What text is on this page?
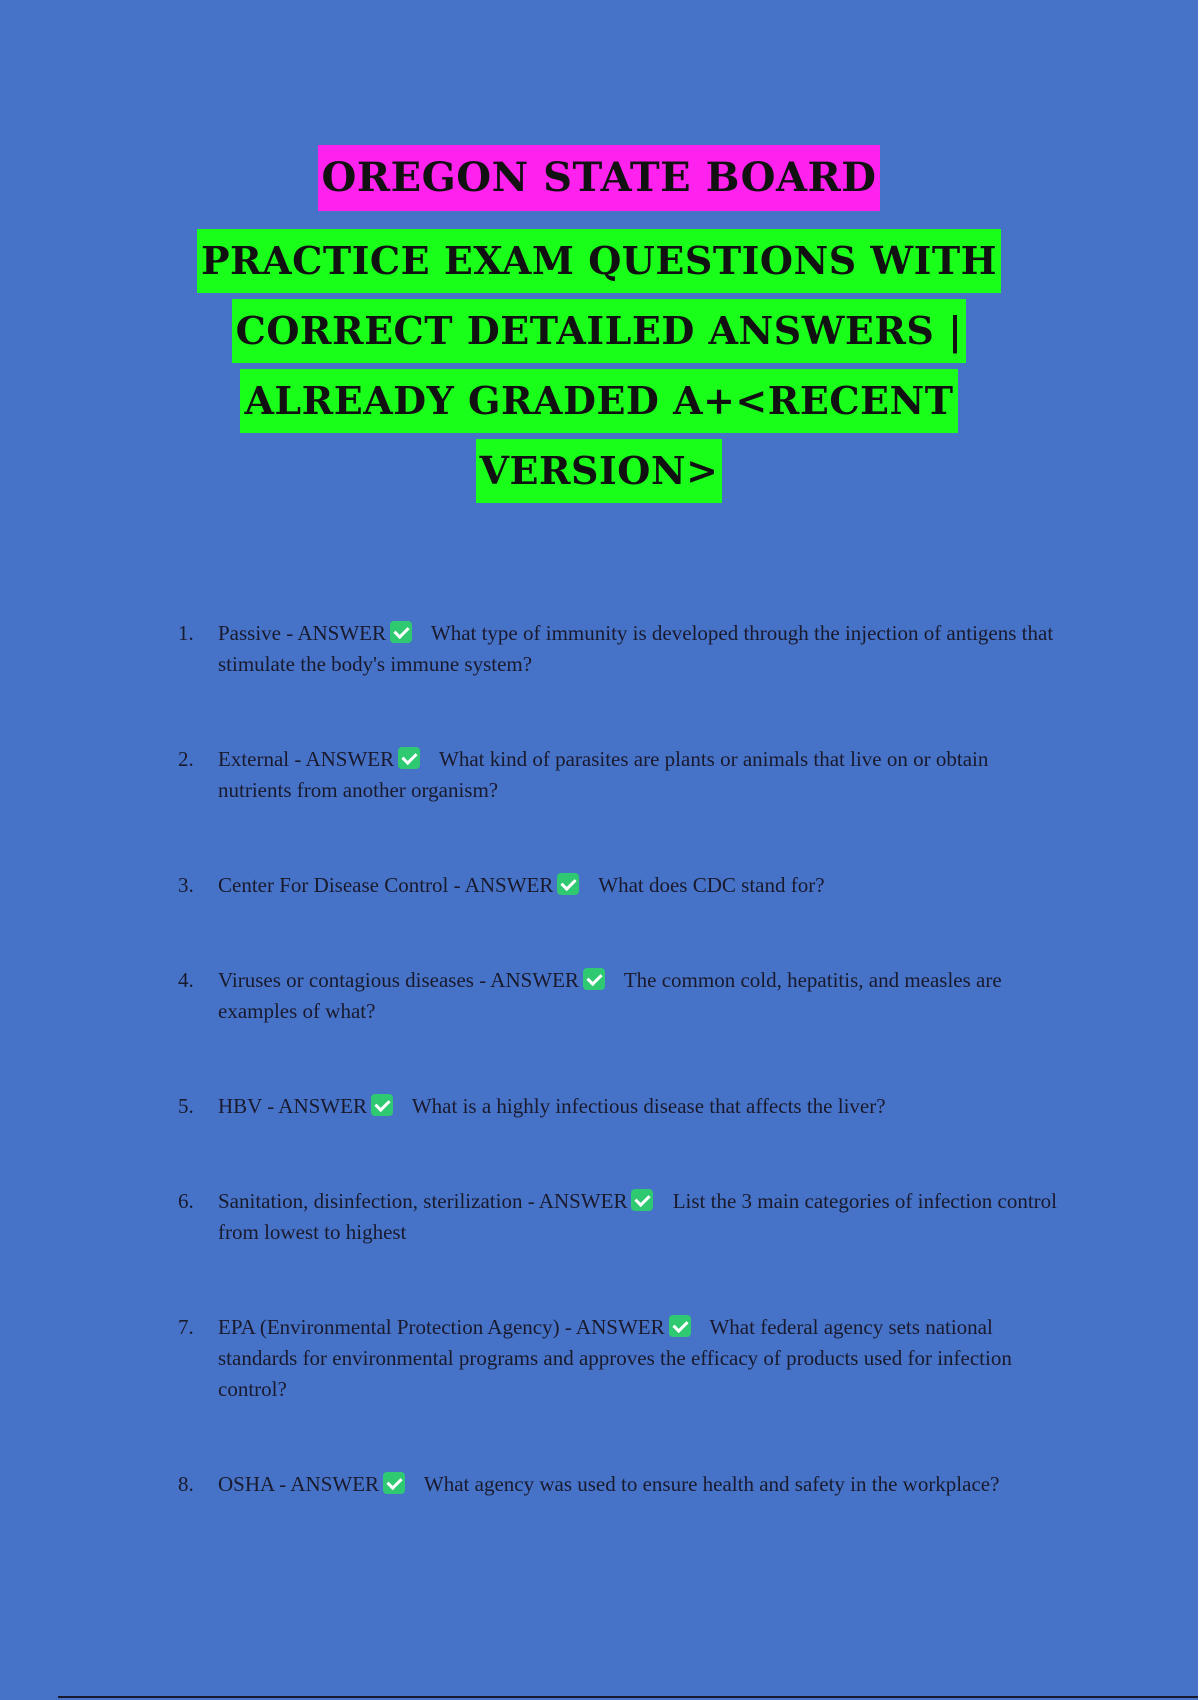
OREGON STATE BOARD
PRACTICE EXAM QUESTIONS WITH
CORRECT DETAILED ANSWERS |
ALREADY GRADED A+<RECENT
VERSION>
1. Passive - ANSWER What type of immunity is developed through the injection of antigens that stimulate the body's immune system?
2. External - ANSWER What kind of parasites are plants or animals that live on or obtain nutrients from another organism?
3. Center For Disease Control - ANSWER What does CDC stand for?
4. Viruses or contagious diseases - ANSWER The common cold, hepatitis, and measles are examples of what?
5. HBV - ANSWER What is a highly infectious disease that affects the liver?
6. Sanitation, disinfection, sterilization - ANSWER List the 3 main categories of infection control from lowest to highest
7. EPA (Environmental Protection Agency) - ANSWER What federal agency sets national standards for environmental programs and approves the efficacy of products used for infection control?
8. OSHA - ANSWER What agency was used to ensure health and safety in the workplace?
